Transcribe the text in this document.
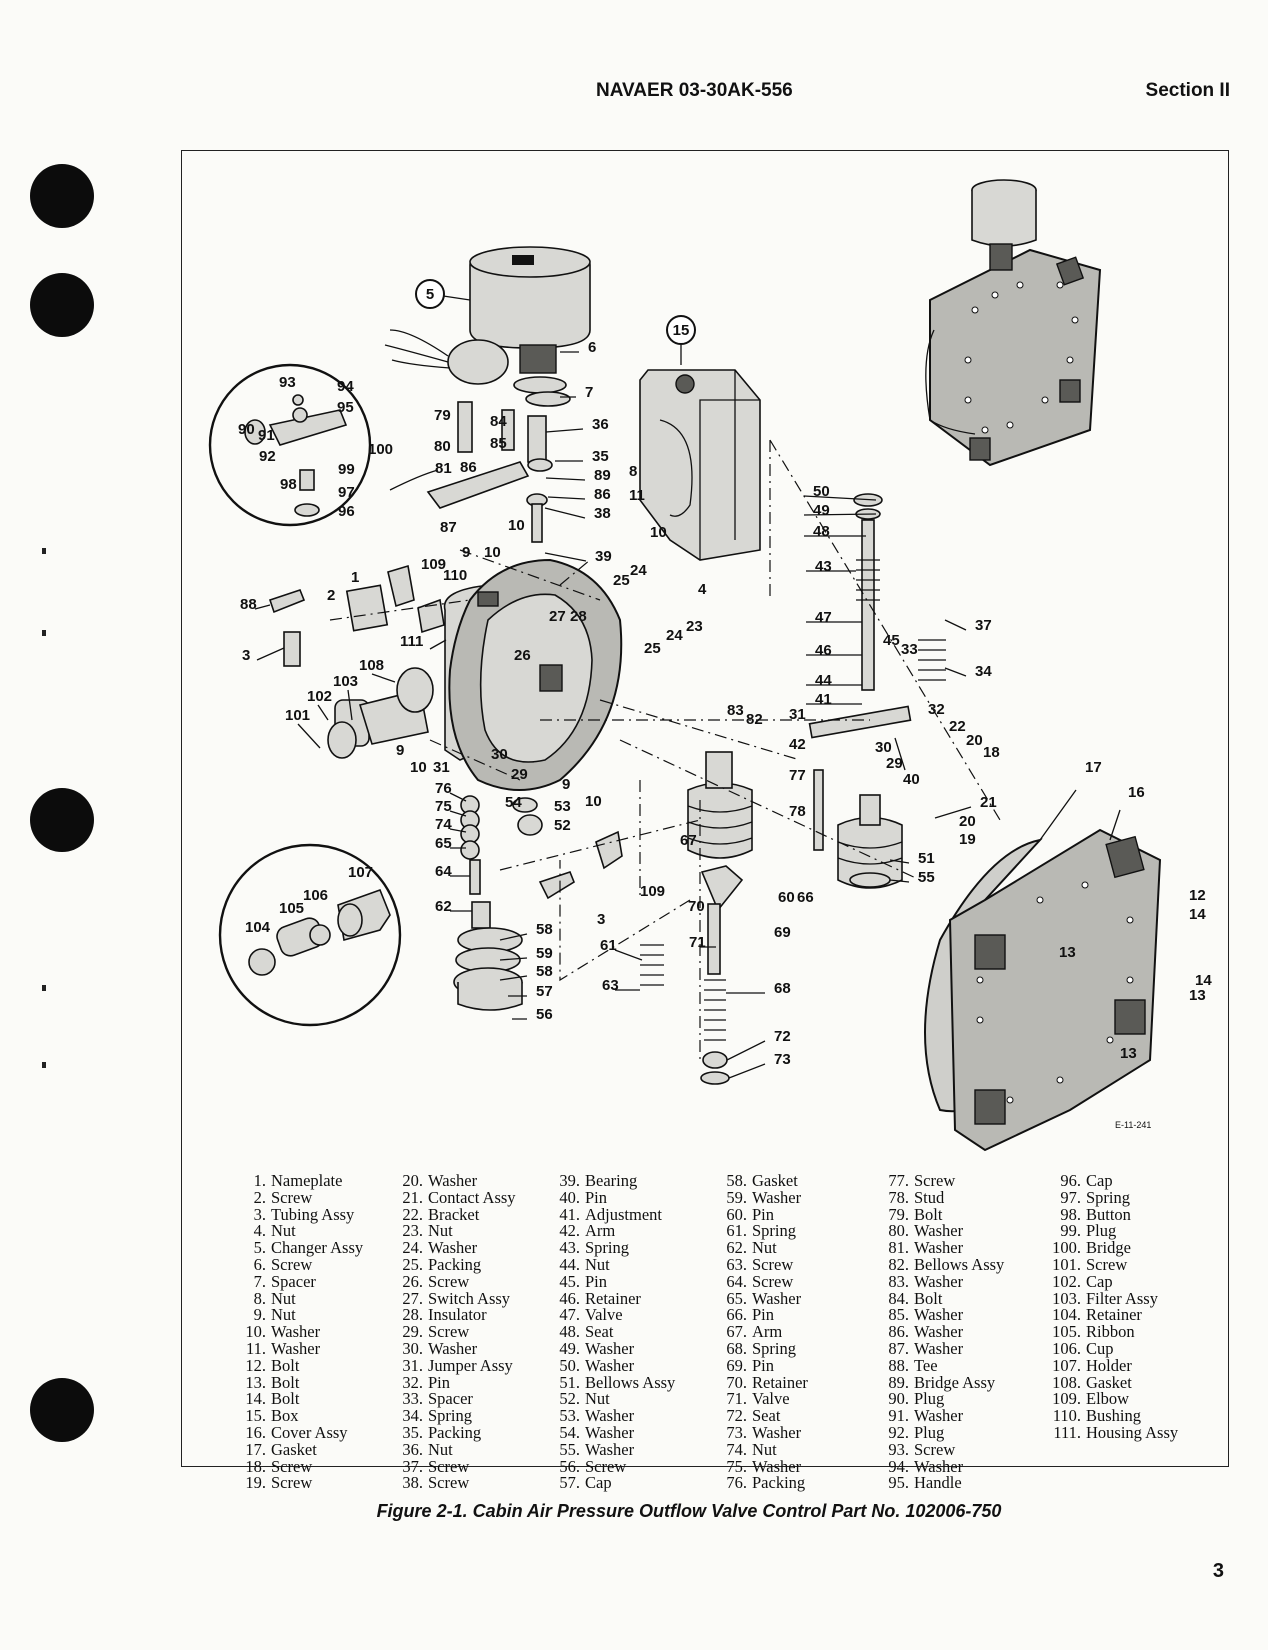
NAVAER 03-30AK-556	Section II
6
7
36
35
89
86
38
39
93	94
95
90 91
100
92
99
98	97
96
79	84
80	85
81 86
87	10
9 10
109
110
1
2
88
3
111
108
103
102
101
26
27 28
25
24
24
23
25
4
9
10 31
30
29
76
75
74
65
64
62
54 53
52
9
10
8
11
10
50
49
48
43
47
46
44
41
45
33
37
34
31	32
22
20
18
42	30
29
40
77
78
21
20
19
83
82
67
109
3
70
60 66
71
69
61
63	68
72
73
51
55
58
59
58
57
56
17
16
12
14
13
14
13
13
107
106
105
104
5
15
E-11-241
1. Nameplate
2. Screw
3. Tubing Assy
4. Nut
5. Changer Assy
6. Screw
7. Spacer
8. Nut
9. Nut
10. Washer
11. Washer
12. Bolt
13. Bolt
14. Bolt
15. Box
16. Cover Assy
17. Gasket
18. Screw
19. Screw
20. Washer
21. Contact Assy
22. Bracket
23. Nut
24. Washer
25. Packing
26. Screw
27. Switch Assy
28. Insulator
29. Screw
30. Washer
31. Jumper Assy
32. Pin
33. Spacer
34. Spring
35. Packing
36. Nut
37. Screw
38. Screw
39. Bearing
40. Pin
41. Adjustment
42. Arm
43. Spring
44. Nut
45. Pin
46. Retainer
47. Valve
48. Seat
49. Washer
50. Washer
51. Bellows Assy
52. Nut
53. Washer
54. Washer
55. Washer
56. Screw
57. Cap
58. Gasket
59. Washer
60. Pin
61. Spring
62. Nut
63. Screw
64. Screw
65. Washer
66. Pin
67. Arm
68. Spring
69. Pin
70. Retainer
71. Valve
72. Seat
73. Washer
74. Nut
75. Washer
76. Packing
77. Screw
78. Stud
79. Bolt
80. Washer
81. Washer
82. Bellows Assy
83. Washer
84. Bolt
85. Washer
86. Washer
87. Washer
88. Tee
89. Bridge Assy
90. Plug
91. Washer
92. Plug
93. Screw
94. Washer
95. Handle
96. Cap
97. Spring
98. Button
99. Plug
100. Bridge
101. Screw
102. Cap
103. Filter Assy
104. Retainer
105. Ribbon
106. Cup
107. Holder
108. Gasket
109. Elbow
110. Bushing
111. Housing Assy
Figure 2-1. Cabin Air Pressure Outflow Valve Control Part No. 102006-750
3
